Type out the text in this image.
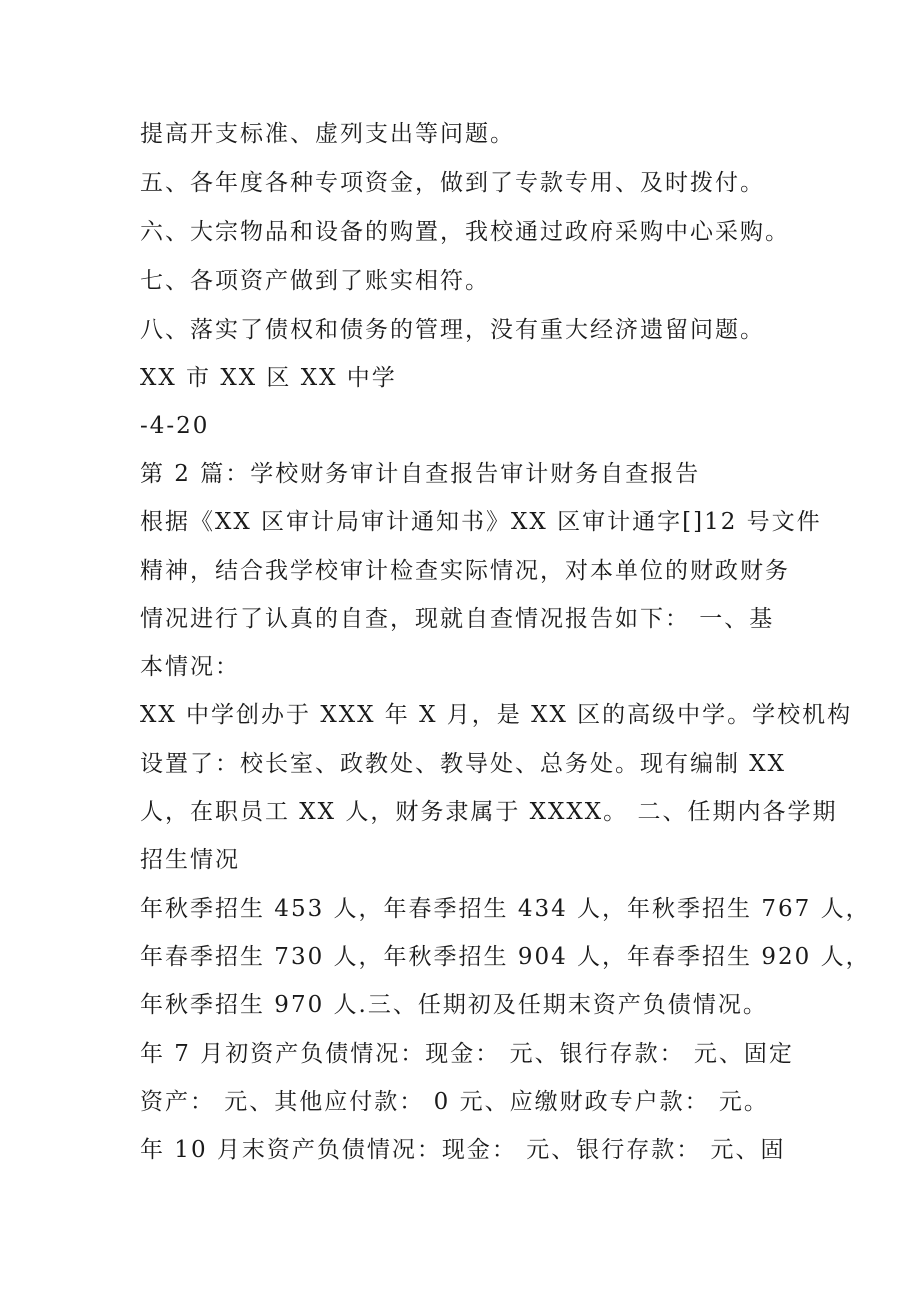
提高开支标准、虚列支出等问题。
五、各年度各种专项资金，做到了专款专用、及时拨付。
六、大宗物品和设备的购置，我校通过政府采购中心采购。
七、各项资产做到了账实相符。
八、落实了债权和债务的管理，没有重大经济遗留问题。
XX 市 XX 区 XX 中学
-4-20
第 2 篇：学校财务审计自查报告审计财务自查报告
根据《XX 区审计局审计通知书》XX 区审计通字[]12 号文件
精神，结合我学校审计检查实际情况，对本单位的财政财务
情况进行了认真的自查，现就自查情况报告如下： 一、基
本情况：
XX 中学创办于 XXX 年 X 月，是 XX 区的高级中学。学校机构
设置了：校长室、政教处、教导处、总务处。现有编制 XX
人，在职员工 XX 人，财务隶属于 XXXX。 二、任期内各学期
招生情况
年秋季招生 453 人，年春季招生 434 人，年秋季招生 767 人，
年春季招生 730 人，年秋季招生 904 人，年春季招生 920 人，
年秋季招生 970 人.三、任期初及任期末资产负债情况。
年 7 月初资产负债情况：现金： 元、银行存款： 元、固定
资产： 元、其他应付款： 0 元、应缴财政专户款： 元。
年 10 月末资产负债情况：现金： 元、银行存款： 元、固
